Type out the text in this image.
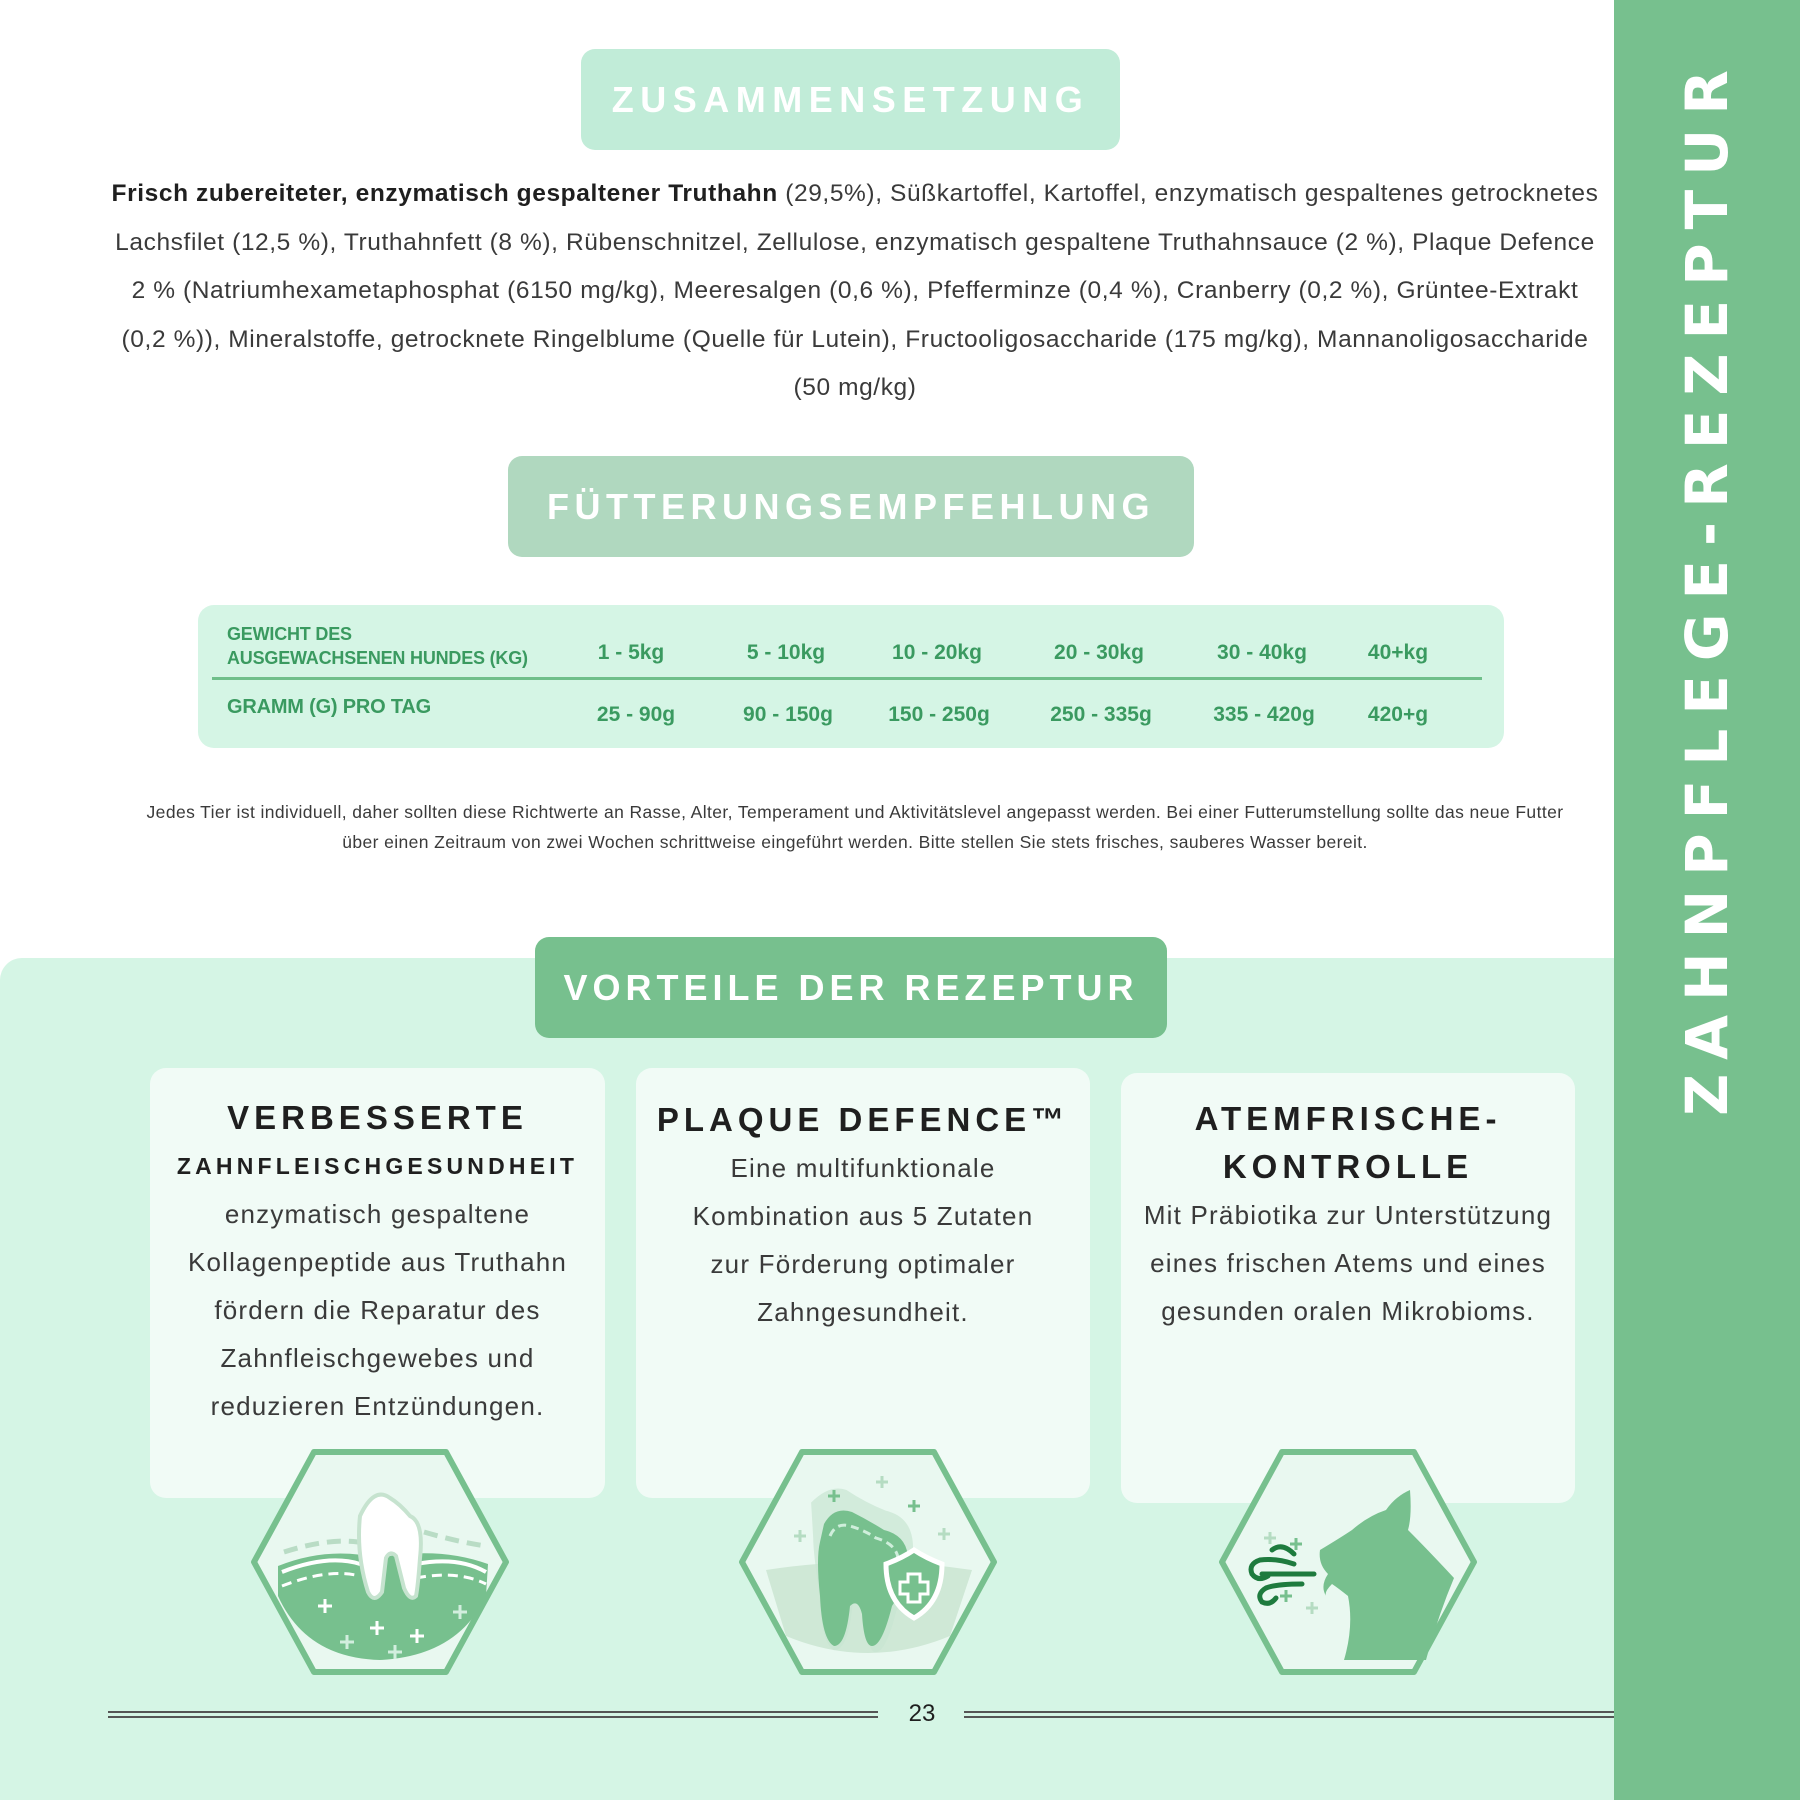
ZAHNPFLEGE-REZEPTUR
ZUSAMMENSETZUNG

Frisch zubereiteter, enzymatisch gespaltener Truthahn (29,5%), Süßkartoffel, Kartoffel, enzymatisch gespaltenes getrocknetes Lachsfilet (12,5 %), Truthahnfett (8 %), Rübenschnitzel, Zellulose, enzymatisch gespaltene Truthahnsauce (2 %), Plaque Defence 2 % (Natriumhexametaphosphat (6150 mg/kg), Meeresalgen (0,6 %), Pfefferminze (0,4 %), Cranberry (0,2 %), Grüntee-Extrakt (0,2 %)), Mineralstoffe, getrocknete Ringelblume (Quelle für Lutein), Fructooligosaccharide (175 mg/kg), Mannanoligosaccharide (50 mg/kg)

FÜTTERUNGSEMPFEHLUNG
GEWICHT DES
AUSGEWACHSENEN HUNDES (KG)	1 - 5kg	5 - 10kg	10 - 20kg	20 - 30kg	30 - 40kg	40+kg
GRAMM (G) PRO TAG	25 - 90g	90 - 150g	150 - 250g	250 - 335g	335 - 420g	420+g

Jedes Tier ist individuell, daher sollten diese Richtwerte an Rasse, Alter, Temperament und Aktivitätslevel angepasst werden. Bei einer Futterumstellung sollte das neue Futter über einen Zeitraum von zwei Wochen schrittweise eingeführt werden. Bitte stellen Sie stets frisches, sauberes Wasser bereit.

VORTEILE DER REZEPTUR
VERBESSERTE
ZAHNFLEISCHGESUNDHEIT
enzymatisch gespaltene Kollagenpeptide aus Truthahn fördern die Reparatur des Zahnfleischgewebes und reduzieren Entzündungen.
PLAQUE DEFENCE™
Eine multifunktionale Kombination aus 5 Zutaten zur Förderung optimaler Zahngesundheit.
ATEMFRISCHE-
KONTROLLE
Mit Präbiotika zur Unterstützung eines frischen Atems und eines gesunden oralen Mikrobioms.
23
